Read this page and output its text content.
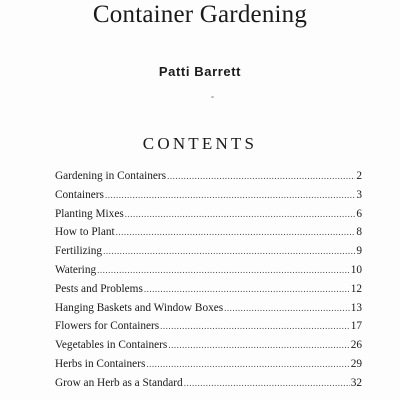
Container Gardening
Patti Barrett
CONTENTS
Gardening in Containers .....	2
Containers .....	3
Planting Mixes .....	6
How to Plant .....	8
Fertilizing .....	9
Watering .....	10
Pests and Problems .....	12
Hanging Baskets and Window Boxes .....	13
Flowers for Containers .....	17
Vegetables in Containers .....	26
Herbs in Containers .....	29
Grow an Herb as a Standard .....	32
